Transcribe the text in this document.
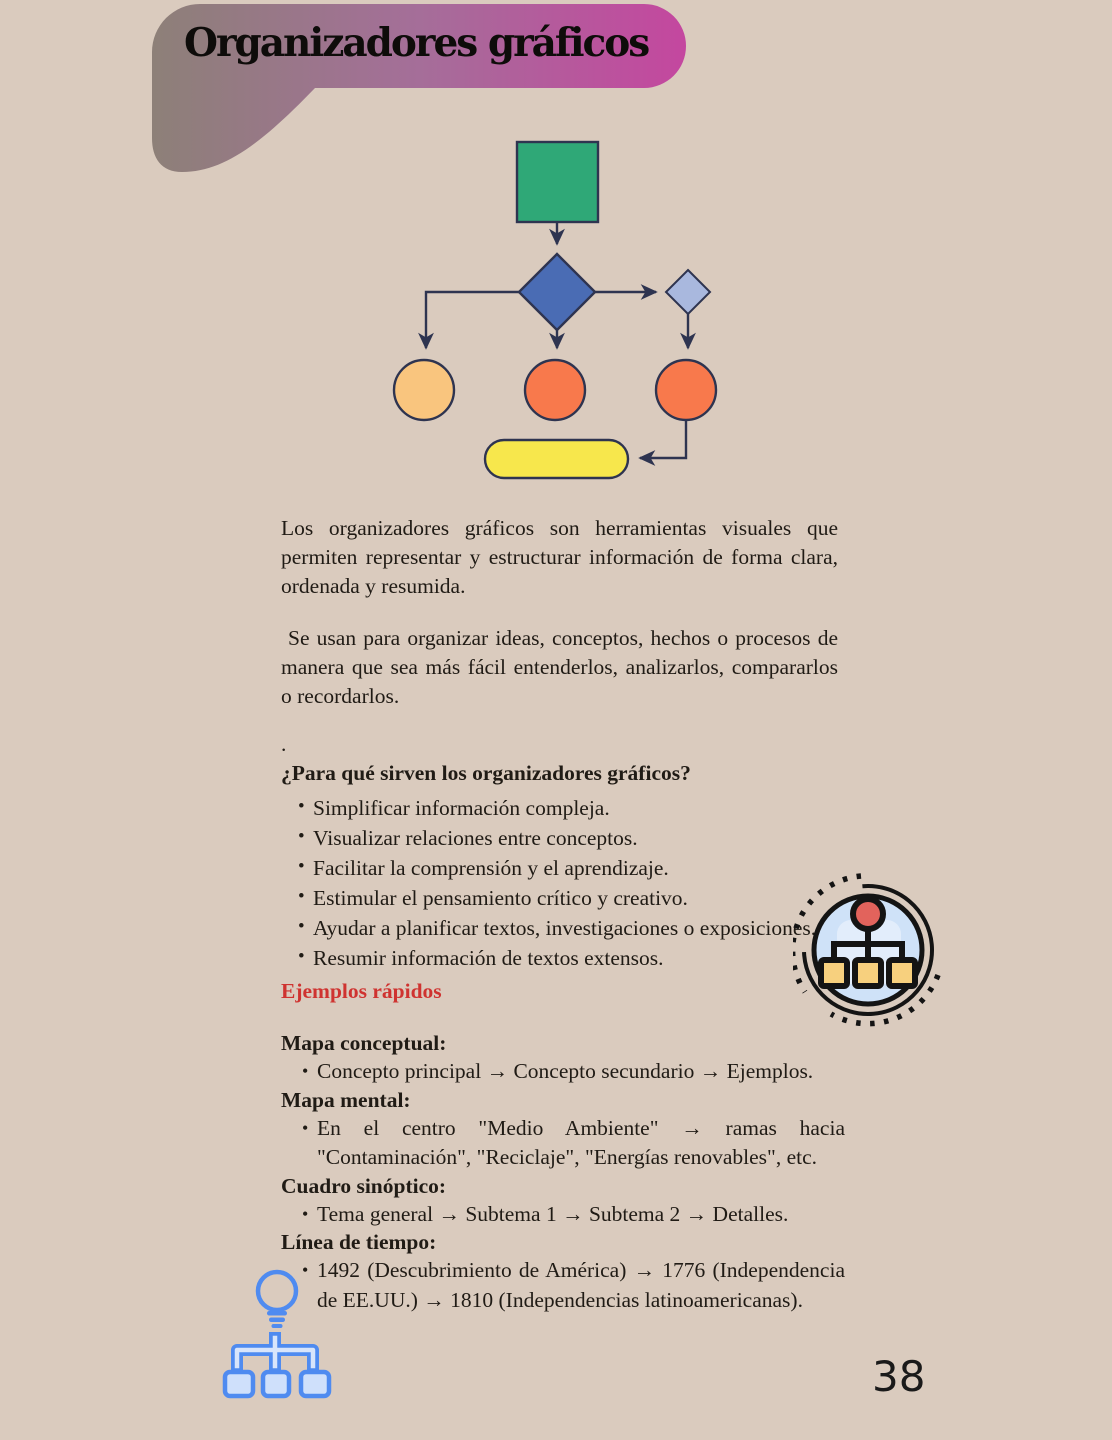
Organizadores gráficos

Los organizadores gráficos son herramientas visuales que permiten representar y estructurar información de forma clara, ordenada y resumida.

Se usan para organizar ideas, conceptos, hechos o procesos de manera que sea más fácil entenderlos, analizarlos, compararlos o recordarlos.

.
¿Para qué sirven los organizadores gráficos?
• Simplificar información compleja.
• Visualizar relaciones entre conceptos.
• Facilitar la comprensión y el aprendizaje.
• Estimular el pensamiento crítico y creativo.
• Ayudar a planificar textos, investigaciones o exposiciones.
• Resumir información de textos extensos.
Ejemplos rápidos
Mapa conceptual:
• Concepto principal → Concepto secundario → Ejemplos.
Mapa mental:
• En el centro "Medio Ambiente" → ramas hacia "Contaminación", "Reciclaje", "Energías renovables", etc.
Cuadro sinóptico:
• Tema general → Subtema 1 → Subtema 2 → Detalles.
Línea de tiempo:
• 1492 (Descubrimiento de América) → 1776 (Independencia de EE.UU.) → 1810 (Independencias latinoamericanas).
38
